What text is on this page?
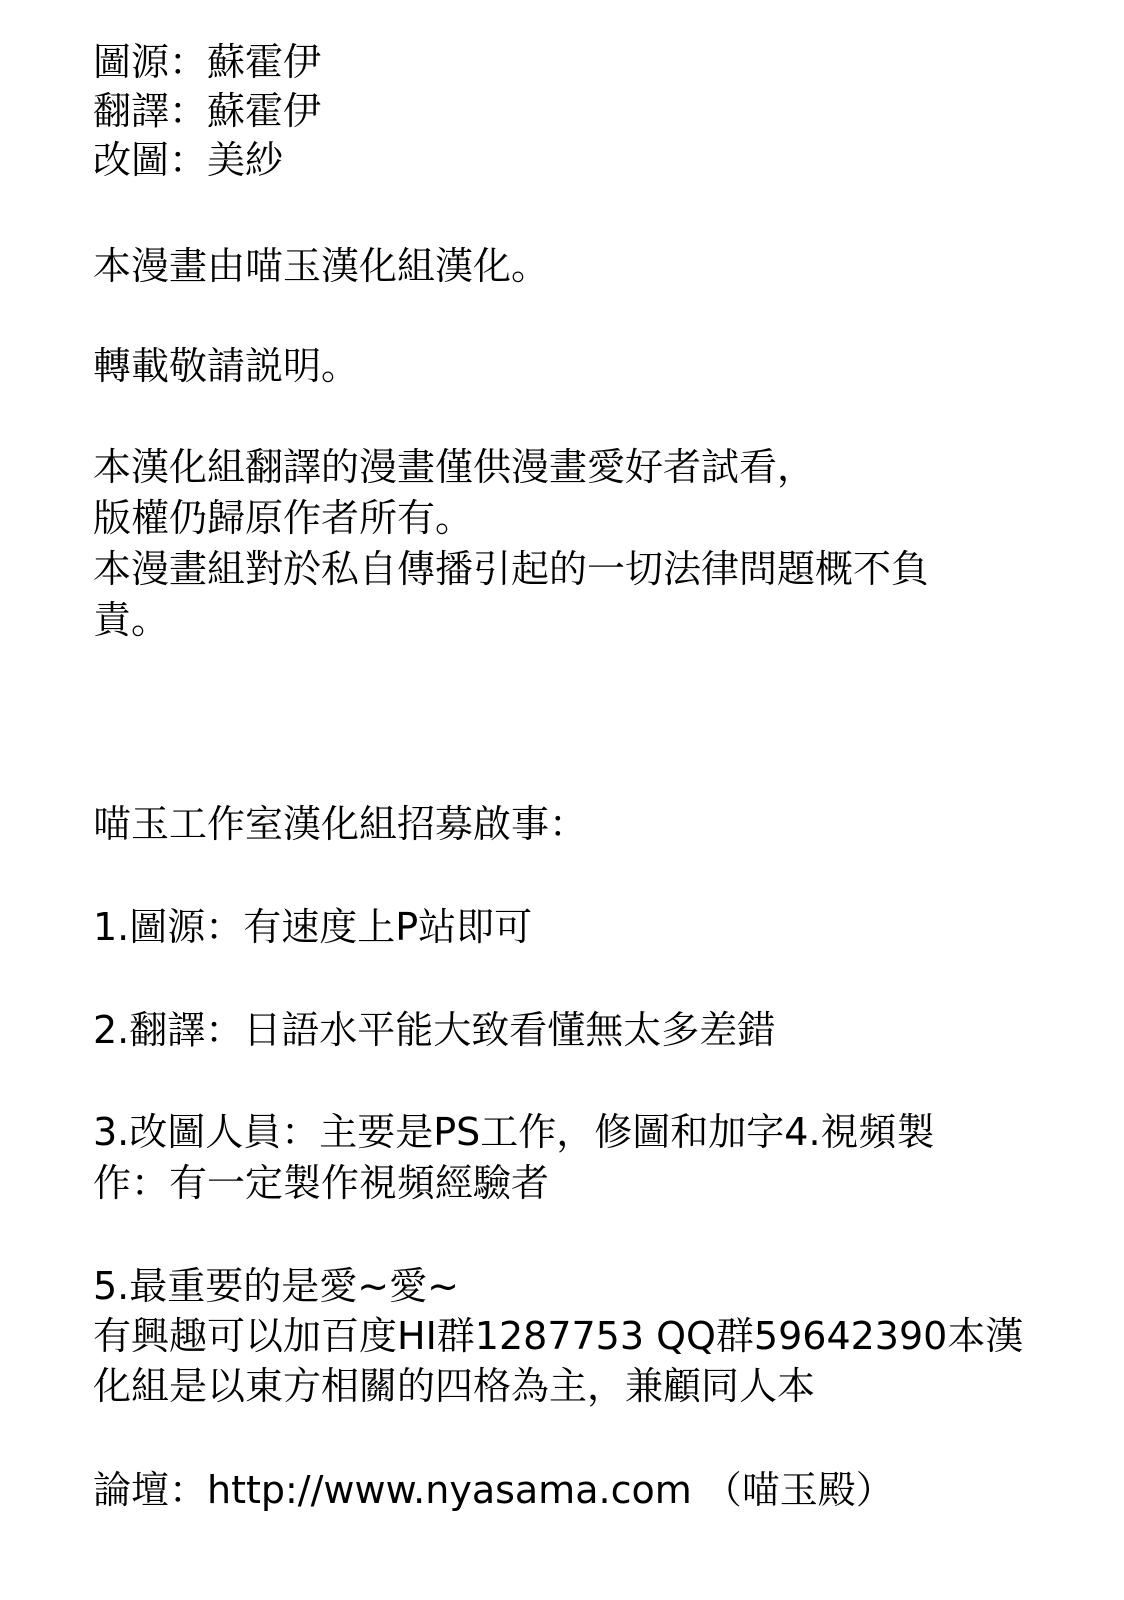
圖源：蘇霍伊
翻譯：蘇霍伊
改圖：美紗
本漫畫由喵玉漢化組漢化。
轉載敬請説明。
本漢化組翻譯的漫畫僅供漫畫愛好者試看，
版權仍歸原作者所有。
本漫畫組對於私自傳播引起的一切法律問題概不負
責。
喵玉工作室漢化組招募啟事：
1.圖源：有速度上P站即可
2.翻譯：日語水平能大致看懂無太多差錯
3.改圖人員：主要是PS工作，修圖和加字4.視頻製
作：有一定製作視頻經驗者
5.最重要的是愛~愛~
有興趣可以加百度HI群1287753 QQ群59642390本漢
化組是以東方相關的四格為主，兼顧同人本
論壇：http://www.nyasama.com （喵玉殿）
